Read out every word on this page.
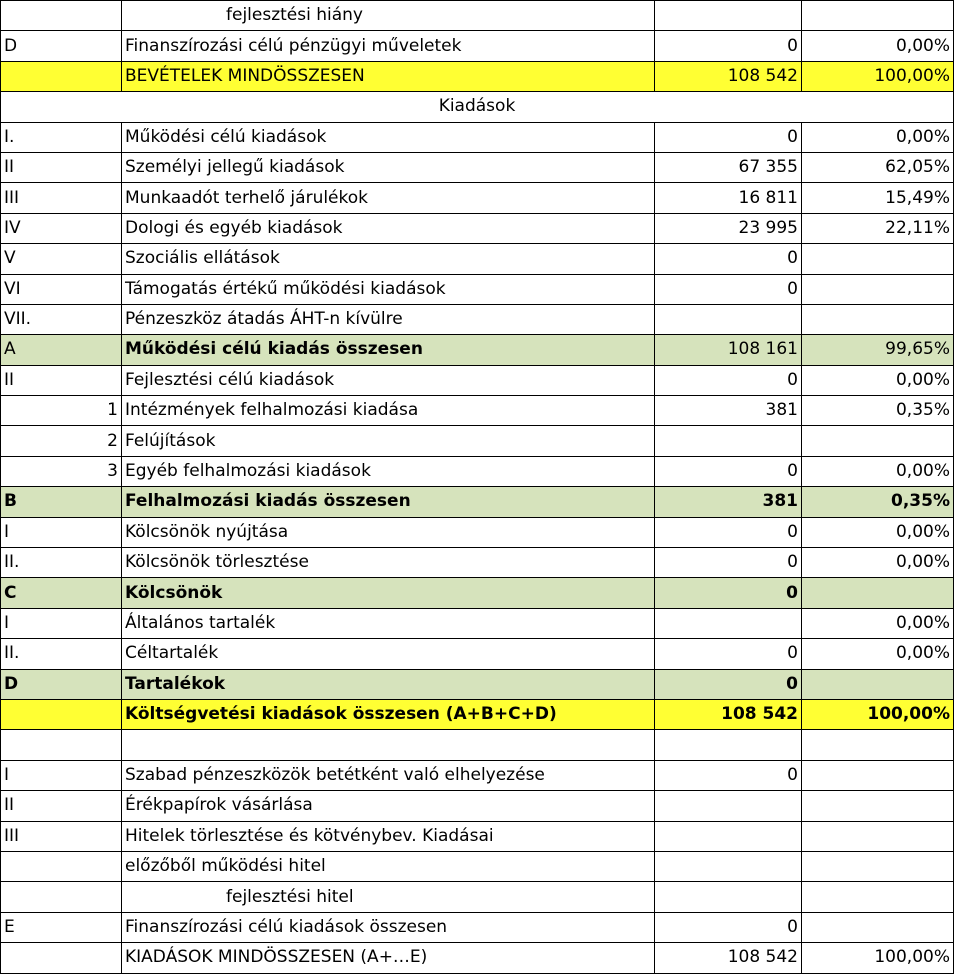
	fejlesztési hiány		
D	Finanszírozási célú pénzügyi műveletek	0	0,00%
	BEVÉTELEK MINDÖSSZESEN	108 542	100,00%
Kiadások			
I.	Működési célú kiadások	0	0,00%
II	Személyi jellegű kiadások	67 355	62,05%
III	Munkaadót terhelő járulékok	16 811	15,49%
IV	Dologi és egyéb kiadások	23 995	22,11%
V	Szociális ellátások	0	
VI	Támogatás értékű működési kiadások	0	
VII.	Pénzeszköz átadás ÁHT-n kívülre		
A	Működési célú kiadás összesen	108 161	99,65%
II	Fejlesztési célú kiadások	0	0,00%
1	Intézmények felhalmozási kiadása	381	0,35%
2	Felújítások		
3	Egyéb felhalmozási kiadások	0	0,00%
B	Felhalmozási kiadás összesen	381	0,35%
I	Kölcsönök nyújtása	0	0,00%
II.	Kölcsönök törlesztése	0	0,00%
C	Kölcsönök	0	
I	Általános tartalék		0,00%
II.	Céltartalék	0	0,00%
D	Tartalékok	0	
	Költségvetési kiadások összesen (A+B+C+D)	108 542	100,00%

I	Szabad pénzeszközök betétként való elhelyezése	0	
II	Érékpapírok vásárlása		
III	Hitelek törlesztése és kötvénybev. Kiadásai		
	előzőből működési hitel		
	fejlesztési hitel		
E	Finanszírozási célú kiadások összesen	0	
	KIADÁSOK MINDÖSSZESEN (A+…E)	108 542	100,00%
